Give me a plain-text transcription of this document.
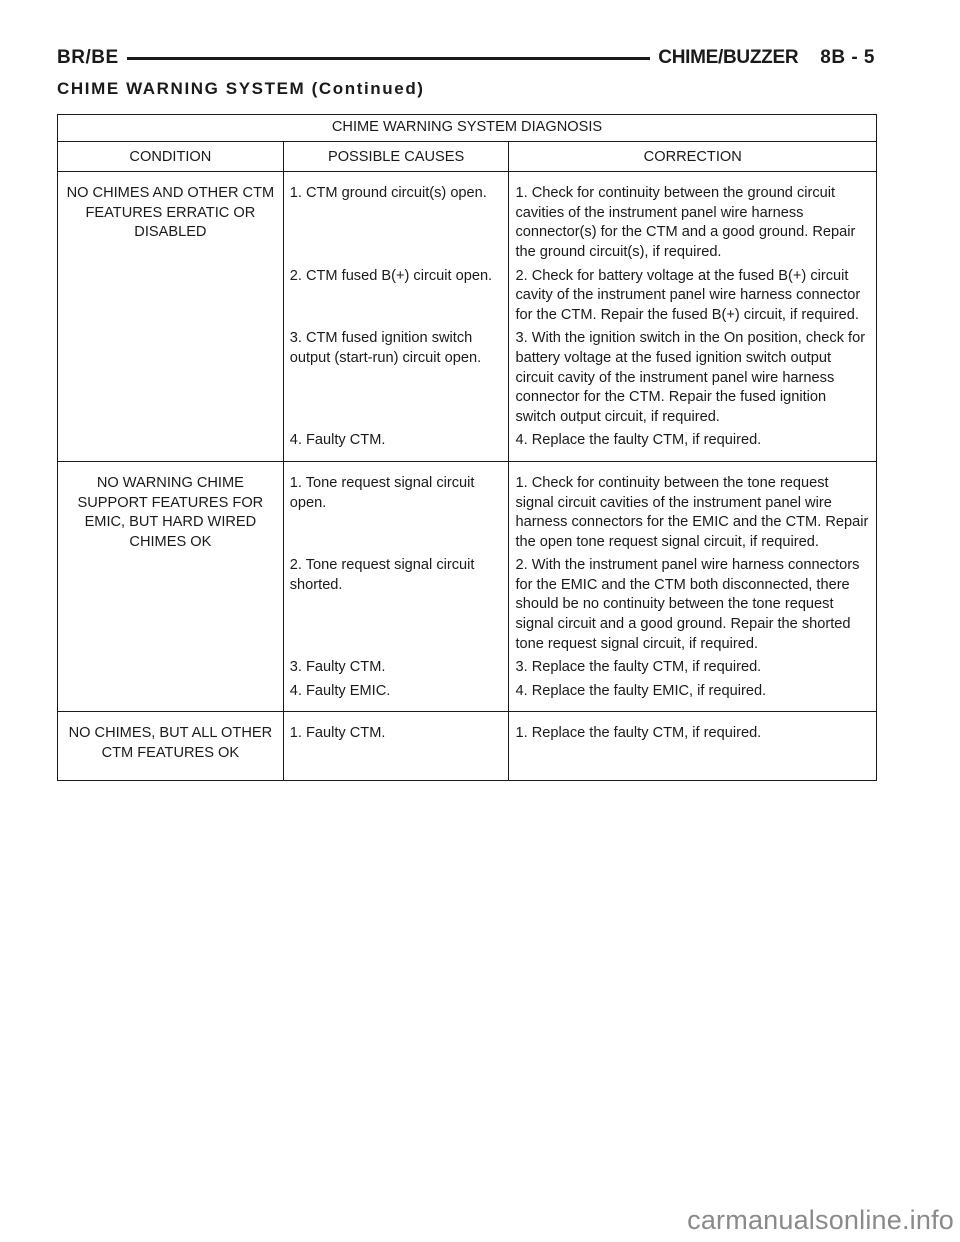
BR/BE	CHIME/BUZZER 8B - 5
CHIME WARNING SYSTEM (Continued)
CHIME WARNING SYSTEM DIAGNOSIS		
CONDITION	POSSIBLE CAUSES	CORRECTION
NO CHIMES AND OTHER CTM FEATURES ERRATIC OR DISABLED	1. CTM ground circuit(s) open.	1. Check for continuity between the ground circuit cavities of the instrument panel wire harness connector(s) for the CTM and a good ground. Repair the ground circuit(s), if required.
	2. CTM fused B(+) circuit open.	2. Check for battery voltage at the fused B(+) circuit cavity of the instrument panel wire harness connector for the CTM. Repair the fused B(+) circuit, if required.
	3. CTM fused ignition switch output (start-run) circuit open.	3. With the ignition switch in the On position, check for battery voltage at the fused ignition switch output circuit cavity of the instrument panel wire harness connector for the CTM. Repair the fused ignition switch output circuit, if required.
	4. Faulty CTM.	4. Replace the faulty CTM, if required.
NO WARNING CHIME SUPPORT FEATURES FOR EMIC, BUT HARD WIRED CHIMES OK	1. Tone request signal circuit open.	1. Check for continuity between the tone request signal circuit cavities of the instrument panel wire harness connectors for the EMIC and the CTM. Repair the open tone request signal circuit, if required.
	2. Tone request signal circuit shorted.	2. With the instrument panel wire harness connectors for the EMIC and the CTM both disconnected, there should be no continuity between the tone request signal circuit and a good ground. Repair the shorted tone request signal circuit, if required.
	3. Faulty CTM.	3. Replace the faulty CTM, if required.
	4. Faulty EMIC.	4. Replace the faulty EMIC, if required.
NO CHIMES, BUT ALL OTHER CTM FEATURES OK	1. Faulty CTM.	1. Replace the faulty CTM, if required.
carmanualsonline.info
